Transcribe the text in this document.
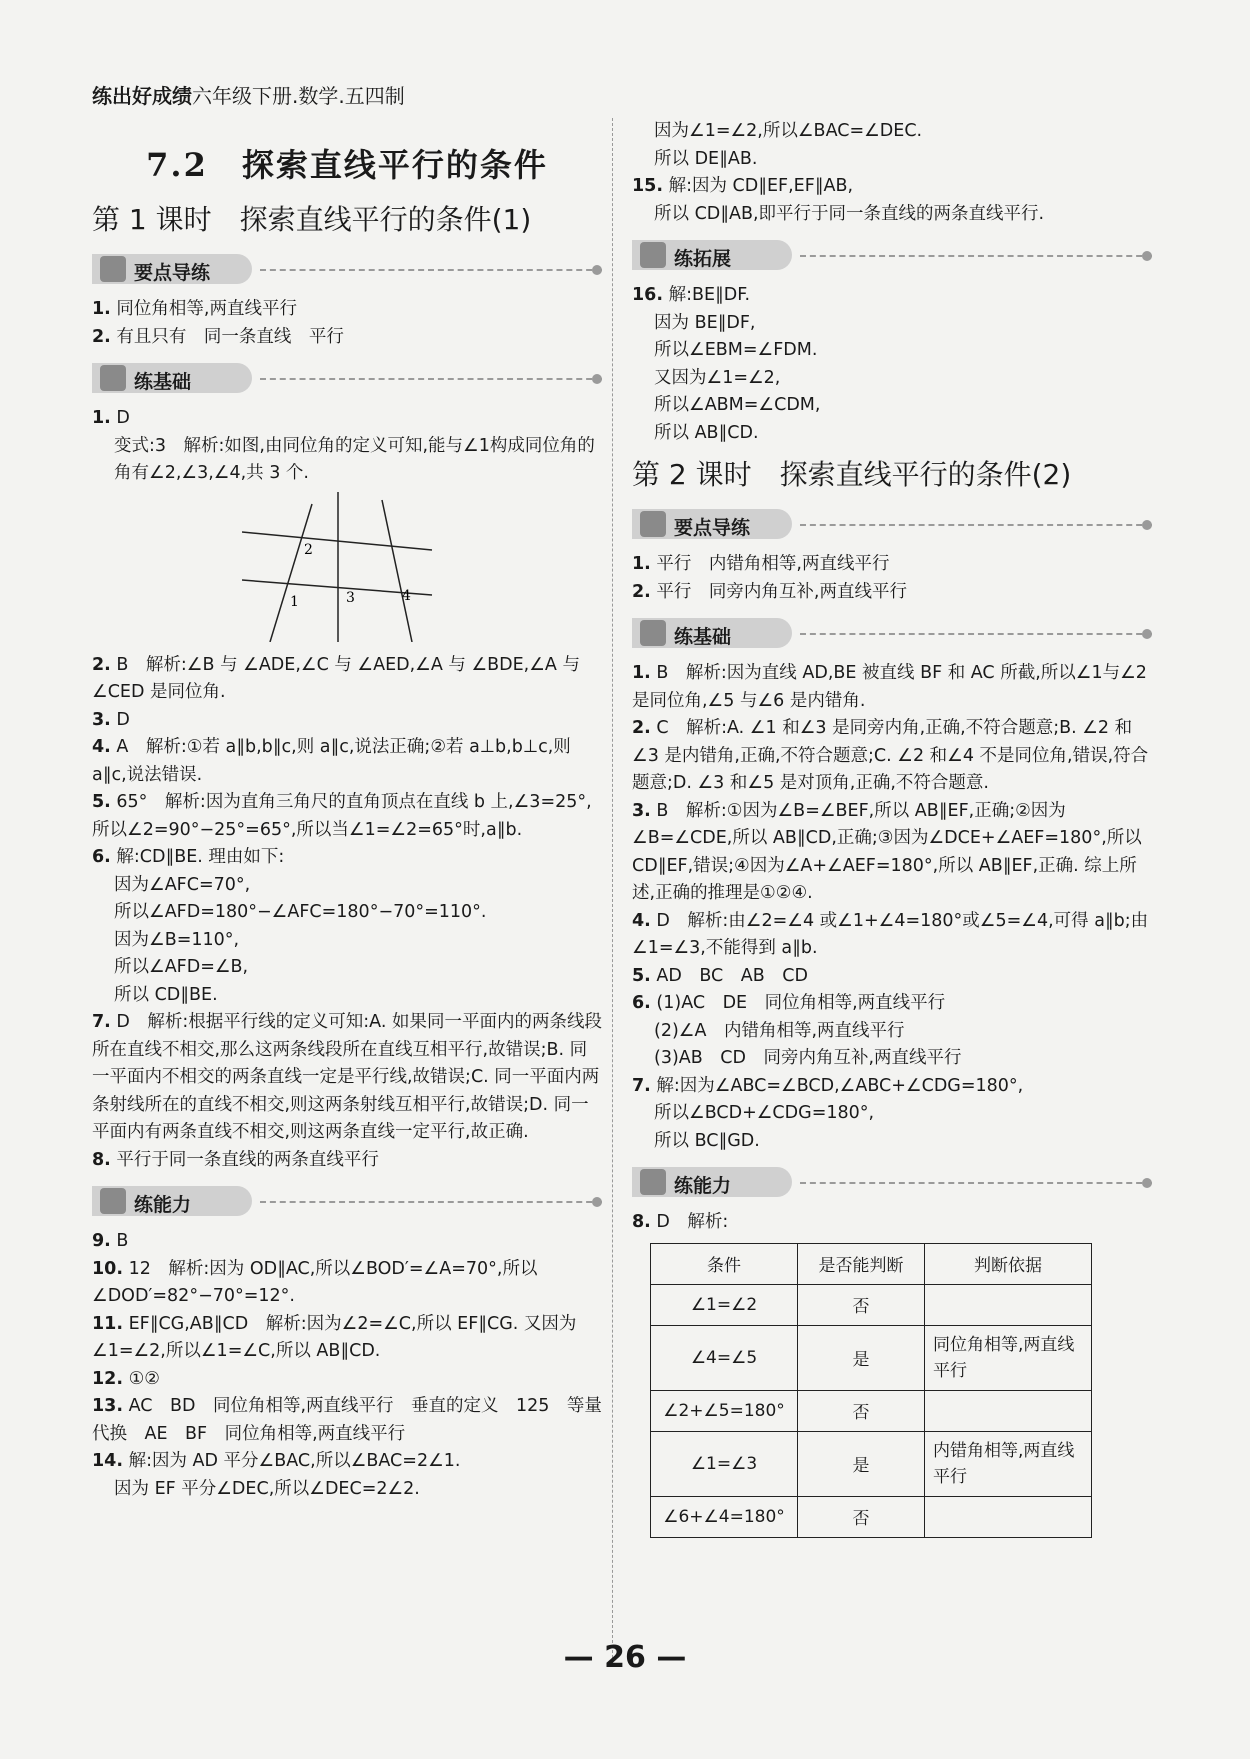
练出好成绩六年级下册.数学.五四制
7.2　探索直线平行的条件
第 1 课时　探索直线平行的条件(1)
要点导练

1. 同位角相等,两直线平行

2. 有且只有　同一条直线　平行

练基础

1. D

变式:3　解析:如图,由同位角的定义可知,能与∠1构成同位角的角有∠2,∠3,∠4,共 3 个.

2
1	3	4

2. B　解析:∠B 与 ∠ADE,∠C 与 ∠AED,∠A 与 ∠BDE,∠A 与∠CED 是同位角.

3. D

4. A　解析:①若 a∥b,b∥c,则 a∥c,说法正确;②若 a⊥b,b⊥c,则 a∥c,说法错误.

5. 65°　解析:因为直角三角尺的直角顶点在直线 b 上,∠3=25°,所以∠2=90°−25°=65°,所以当∠1=∠2=65°时,a∥b.

6. 解:CD∥BE. 理由如下:

因为∠AFC=70°,

所以∠AFD=180°−∠AFC=180°−70°=110°.

因为∠B=110°,

所以∠AFD=∠B,

所以 CD∥BE.

7. D　解析:根据平行线的定义可知:A. 如果同一平面内的两条线段所在直线不相交,那么这两条线段所在直线互相平行,故错误;B. 同一平面内不相交的两条直线一定是平行线,故错误;C. 同一平面内两条射线所在的直线不相交,则这两条射线互相平行,故错误;D. 同一平面内有两条直线不相交,则这两条直线一定平行,故正确.

8. 平行于同一条直线的两条直线平行

练能力

9. B

10. 12　解析:因为 OD∥AC,所以∠BOD′=∠A=70°,所以∠DOD′=82°−70°=12°.

11. EF∥CG,AB∥CD　解析:因为∠2=∠C,所以 EF∥CG. 又因为∠1=∠2,所以∠1=∠C,所以 AB∥CD.

12. ①②

13. AC　BD　同位角相等,两直线平行　垂直的定义　125　等量代换　AE　BF　同位角相等,两直线平行

14. 解:因为 AD 平分∠BAC,所以∠BAC=2∠1.

因为 EF 平分∠DEC,所以∠DEC=2∠2.

因为∠1=∠2,所以∠BAC=∠DEC.

所以 DE∥AB.

15. 解:因为 CD∥EF,EF∥AB,

所以 CD∥AB,即平行于同一条直线的两条直线平行.

练拓展

16. 解:BE∥DF.

因为 BE∥DF,

所以∠EBM=∠FDM.

又因为∠1=∠2,

所以∠ABM=∠CDM,

所以 AB∥CD.

第 2 课时　探索直线平行的条件(2)
要点导练

1. 平行　内错角相等,两直线平行

2. 平行　同旁内角互补,两直线平行

练基础

1. B　解析:因为直线 AD,BE 被直线 BF 和 AC 所截,所以∠1与∠2 是同位角,∠5 与∠6 是内错角.

2. C　解析:A. ∠1 和∠3 是同旁内角,正确,不符合题意;B. ∠2 和∠3 是内错角,正确,不符合题意;C. ∠2 和∠4 不是同位角,错误,符合题意;D. ∠3 和∠5 是对顶角,正确,不符合题意.

3. B　解析:①因为∠B=∠BEF,所以 AB∥EF,正确;②因为∠B=∠CDE,所以 AB∥CD,正确;③因为∠DCE+∠AEF=180°,所以 CD∥EF,错误;④因为∠A+∠AEF=180°,所以 AB∥EF,正确. 综上所述,正确的推理是①②④.

4. D　解析:由∠2=∠4 或∠1+∠4=180°或∠5=∠4,可得 a∥b;由∠1=∠3,不能得到 a∥b.

5. AD　BC　AB　CD

6. (1)AC　DE　同位角相等,两直线平行

(2)∠A　内错角相等,两直线平行

(3)AB　CD　同旁内角互补,两直线平行

7. 解:因为∠ABC=∠BCD,∠ABC+∠CDG=180°,

所以∠BCD+∠CDG=180°,

所以 BC∥GD.

练能力

8. D　解析:

条件	是否能判断	判断依据
∠1=∠2	否	
∠4=∠5	是	同位角相等,两直线平行
∠2+∠5=180°	否	
∠1=∠3	是	内错角相等,两直线平行
∠6+∠4=180°	否	
— 26 —
